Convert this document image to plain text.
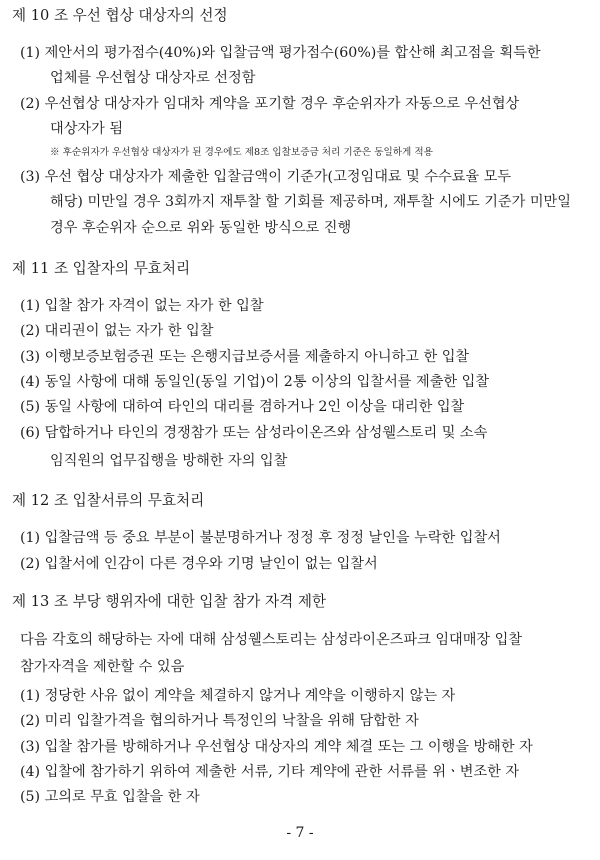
제 10 조 우선 협상 대상자의 선정
(1) 제안서의 평가점수(40%)와 입찰금액 평가점수(60%)를 합산해 최고점을 획득한
업체를 우선협상 대상자로 선정함
(2) 우선협상 대상자가 임대차 계약을 포기할 경우 후순위자가 자동으로 우선협상
대상자가 됨
※ 후순위자가 우선협상 대상자가 된 경우에도 제8조 입찰보증금 처리 기준은 동일하게 적용
(3) 우선 협상 대상자가 제출한 입찰금액이 기준가(고정임대료 및 수수료율 모두
해당) 미만일 경우 3회까지 재투찰 할 기회를 제공하며, 재투찰 시에도 기준가 미만일
경우 후순위자 순으로 위와 동일한 방식으로 진행
제 11 조 입찰자의 무효처리
(1) 입찰 참가 자격이 없는 자가 한 입찰
(2) 대리권이 없는 자가 한 입찰
(3) 이행보증보험증권 또는 은행지급보증서를 제출하지 아니하고 한 입찰
(4) 동일 사항에 대해 동일인(동일 기업)이 2통 이상의 입찰서를 제출한 입찰
(5) 동일 사항에 대하여 타인의 대리를 겸하거나 2인 이상을 대리한 입찰
(6) 담합하거나 타인의 경쟁참가 또는 삼성라이온즈와 삼성웰스토리 및 소속
임직원의 업무집행을 방해한 자의 입찰
제 12 조 입찰서류의 무효처리
(1) 입찰금액 등 중요 부분이 불분명하거나 정정 후 정정 날인을 누락한 입찰서
(2) 입찰서에 인감이 다른 경우와 기명 날인이 없는 입찰서
제 13 조 부당 행위자에 대한 입찰 참가 자격 제한
다음 각호의 해당하는 자에 대해 삼성웰스토리는 삼성라이온즈파크 임대매장 입찰
참가자격을 제한할 수 있음
(1) 정당한 사유 없이 계약을 체결하지 않거나 계약을 이행하지 않는 자
(2) 미리 입찰가격을 협의하거나 특정인의 낙찰을 위해 담합한 자
(3) 입찰 참가를 방해하거나 우선협상 대상자의 계약 체결 또는 그 이행을 방해한 자
(4) 입찰에 참가하기 위하여 제출한 서류, 기타 계약에 관한 서류를 위ㆍ변조한 자
(5) 고의로 무효 입찰을 한 자
- 7 -
